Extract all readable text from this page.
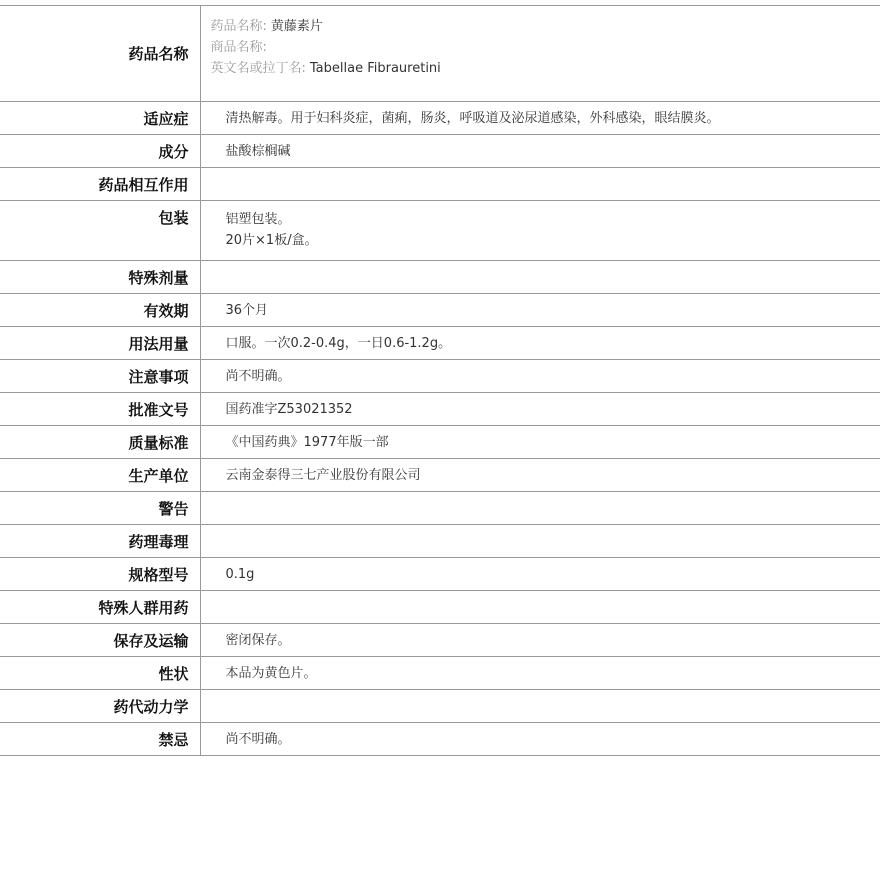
药品名称	药品名称: 黄藤素片
商品名称:
英文名或拉丁名: Tabellae Fibrauretini

适应症	清热解毒。用于妇科炎症，菌痢，肠炎，呼吸道及泌尿道感染，外科感染，眼结膜炎。

成分	盐酸棕榈碱

药品相互作用	
包装	铝塑包装。
20片×1板/盒。

特殊剂量	
有效期	36个月

用法用量	口服。一次0.2-0.4g，一日0.6-1.2g。

注意事项	尚不明确。

批准文号	国药准字Z53021352

质量标准	《中国药典》1977年版一部

生产单位	云南金泰得三七产业股份有限公司

警告	
药理毒理	
规格型号	0.1g

特殊人群用药	
保存及运输	密闭保存。

性状	本品为黄色片。

药代动力学	
禁忌	尚不明确。
